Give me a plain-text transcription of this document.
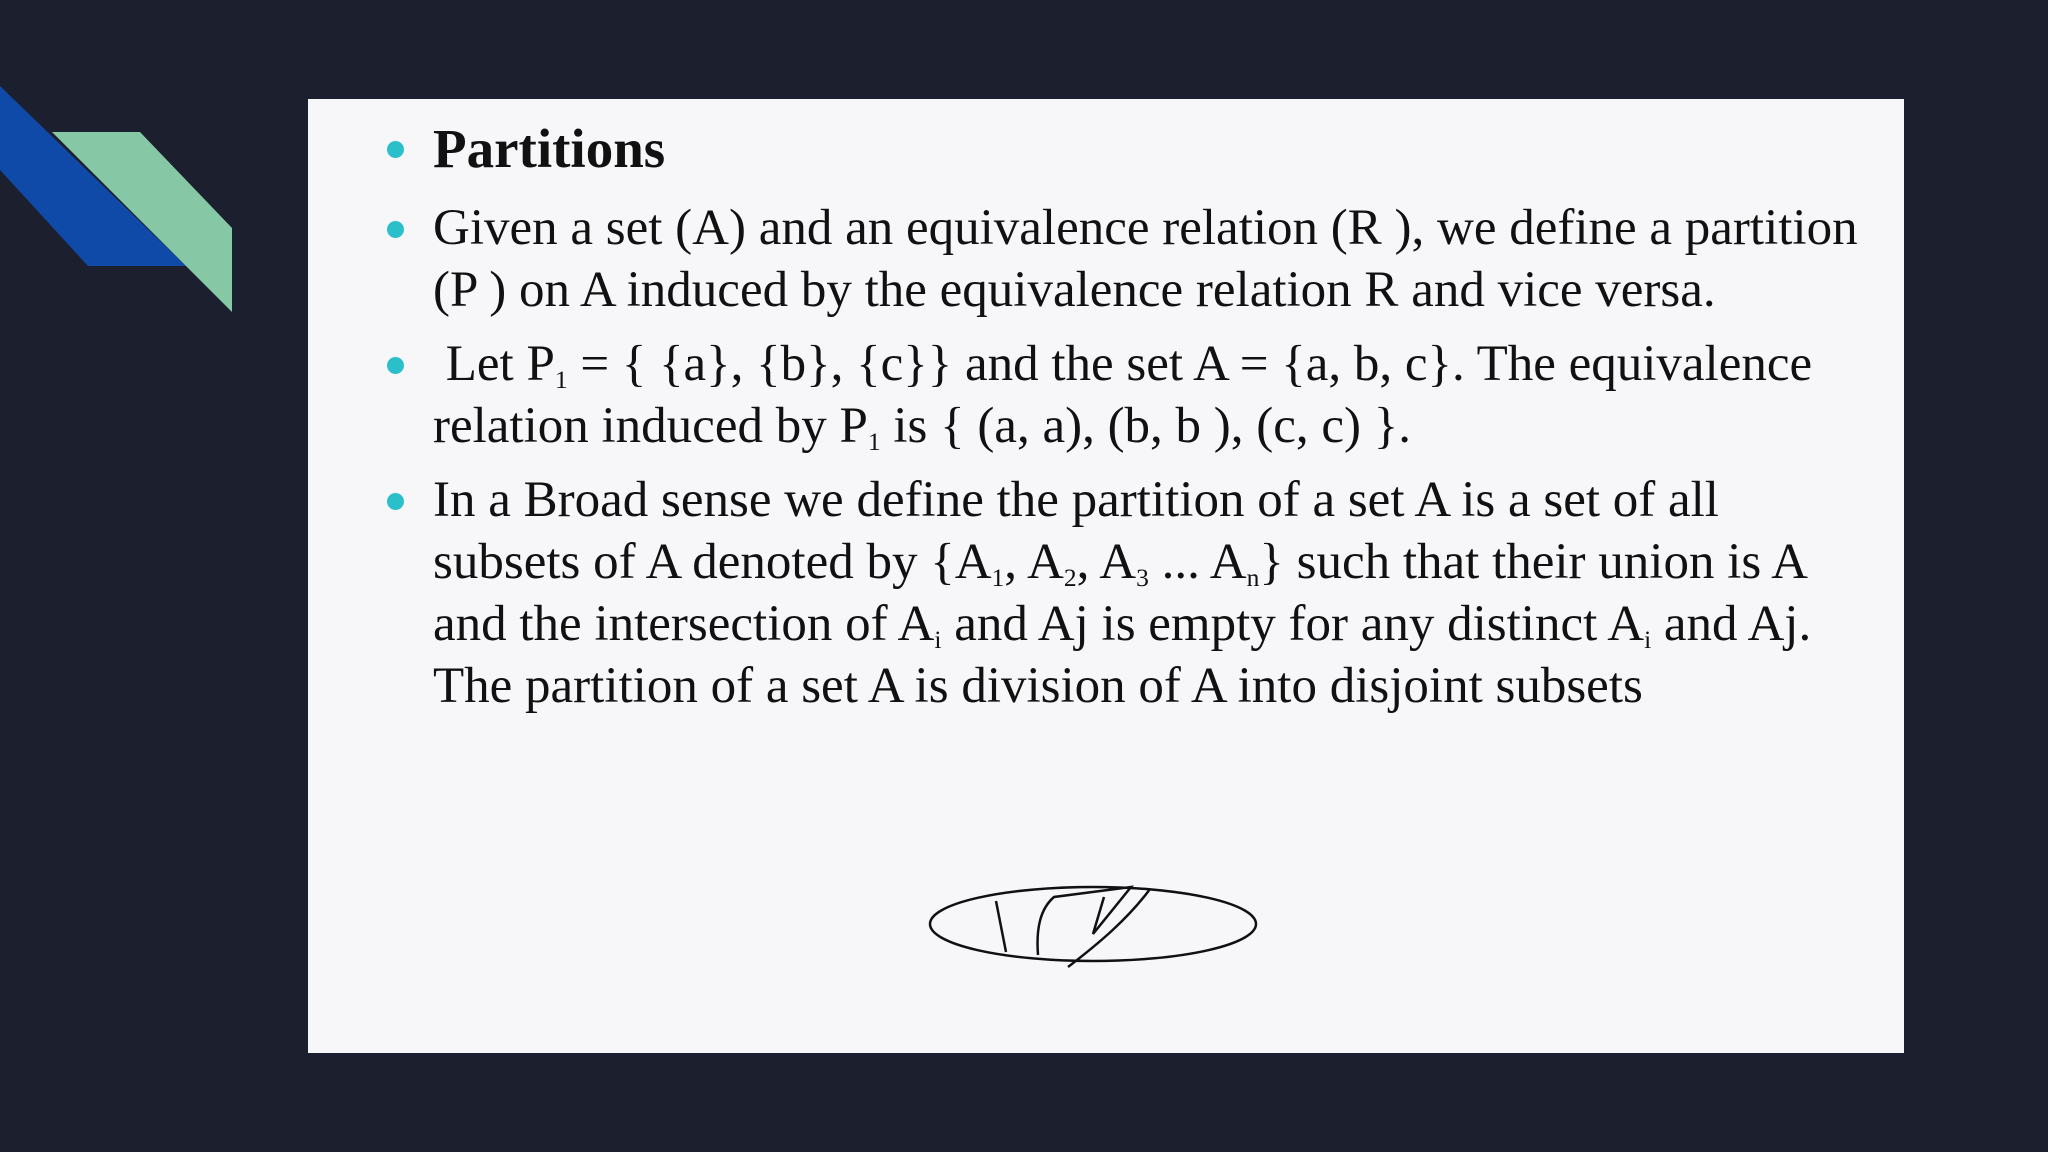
Partitions
Given a set (A) and an equivalence relation (R ), we define a partition (P ) on A induced by the equivalence relation R and vice versa.
Let $P_1$ = { {a}, {b}, {c}} and the set A = {a, b, c}. The equivalence relation induced by $P_1$ is { (a, a), (b, b ), (c, c) }.
In a Broad sense we define the partition of a set A is a set of all subsets of A denoted by {$A_1$, $A_2$, $A_3$ ... $A_n$} such that their union is A and the intersection of $A_i$ and Aj is empty for any distinct $A_i$ and Aj. The partition of a set A is division of A into disjoint subsets
